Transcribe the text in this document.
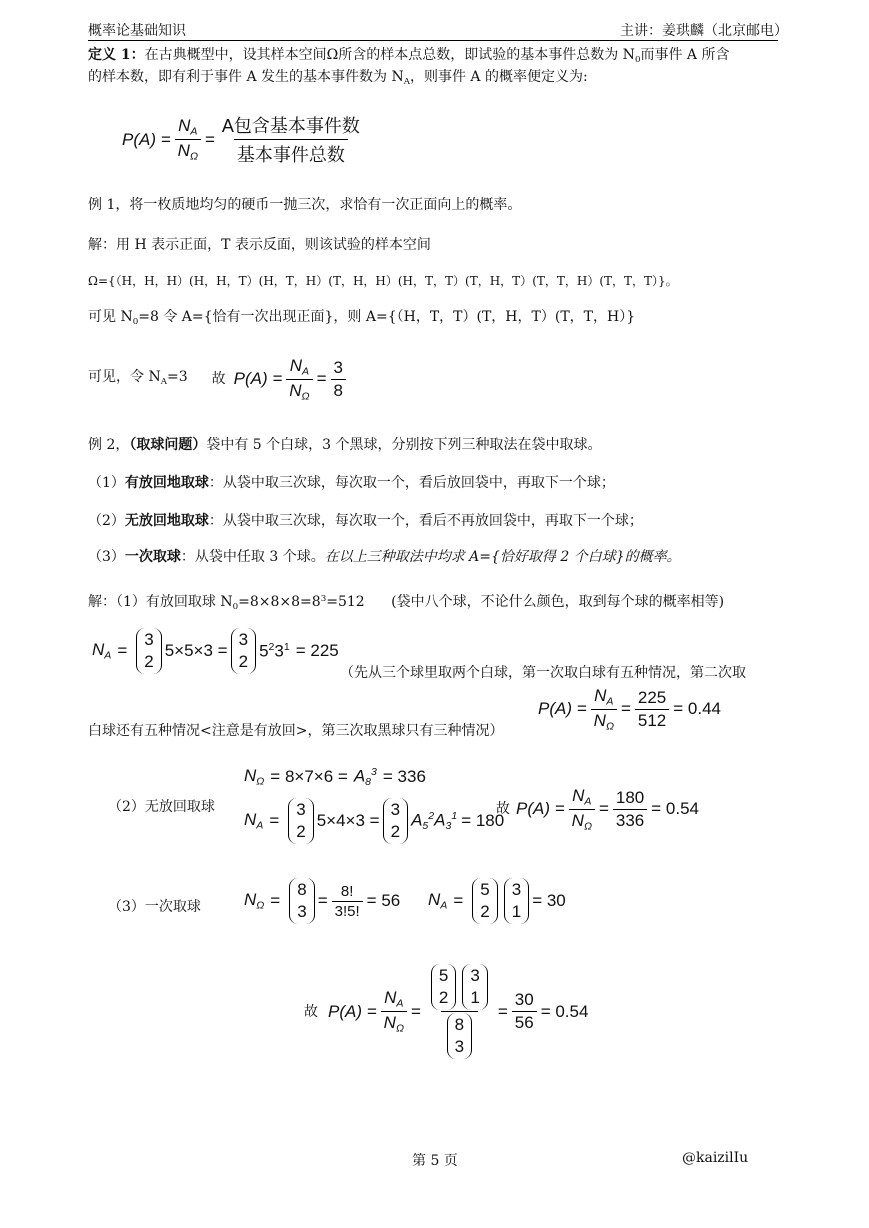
概率论基础知识	主讲：姜珙麟（北京邮电）
定义 1：在古典概型中，设其样本空间Ω所含的样本点总数，即试验的基本事件总数为 $N_0$而事件 A 所含
的样本数，即有利于事件 A 发生的基本事件数为 $N_A$，则事件 A 的概率便定义为:
$P(A) = \frac{N_A}{N_\Omega} = \frac{\text{A包含基本事件数}}{\text{基本事件总数}}$
例 1，将一枚质地均匀的硬币一抛三次，求恰有一次正面向上的概率。
解：用 H 表示正面，T 表示反面，则该试验的样本空间
Ω={（H，H，H）(H，H，T）(H，T，H）(T，H，H）(H，T，T）(T，H，T）(T，T，H）(T，T，T）}。
可见 $N_0=8$ 令 A={恰有一次出现正面}，则 A={（H，T，T）(T，H，T）(T，T，H）}
可见，令 $N_A=3$ 故 $P(A) = \frac{N_A}{N_\Omega} = \frac{3}{8}$
例 2，（取球问题）袋中有 5 个白球，3 个黑球，分别按下列三种取法在袋中取球。
（1）有放回地取球：从袋中取三次球，每次取一个，看后放回袋中，再取下一个球；
（2）无放回地取球：从袋中取三次球，每次取一个，看后不再放回袋中，再取下一个球；
（3）一次取球：从袋中任取 3 个球。在以上三种取法中均求 A={恰好取得 2 个白球}的概率。
解：（1）有放回取球 $N_0=8\times 8\times 8=8^3=512$ (袋中八个球，不论什么颜色，取到每个球的概率相等)
$N_A$ =
3
2
5×5×3 =
3
2
$5^23^1 = 225$
（先从三个球里取两个白球，第一次取白球有五种情况，第二次取
$P(A) = \frac{N_A}{N_\Omega} = \frac{225}{512} = 0.44$
白球还有五种情况<注意是有放回>，第三次取黑球只有三种情况）
（2）无放回取球
$N_\Omega = 8\times 7\times 6 = A_8^3 = 336$
$N_A$ =
3
2
5×4×3 =
3
2
$A_5^2A_3^1 = 180$
故 $P(A) = \frac{N_A}{N_\Omega} = \frac{180}{336} = 0.54$
（3）一次取球	$N_\Omega$ =
8
3
= $\frac{8!}{3!5!} = 56$ $N_A$ =
5
2
3
1
= 30
故 $P(A) = \frac{N_A}{N_\Omega} = 5$
2
3
1
8
$3 = \frac{30}{56} = 0.54$
第 5 页	@kaizilIu
